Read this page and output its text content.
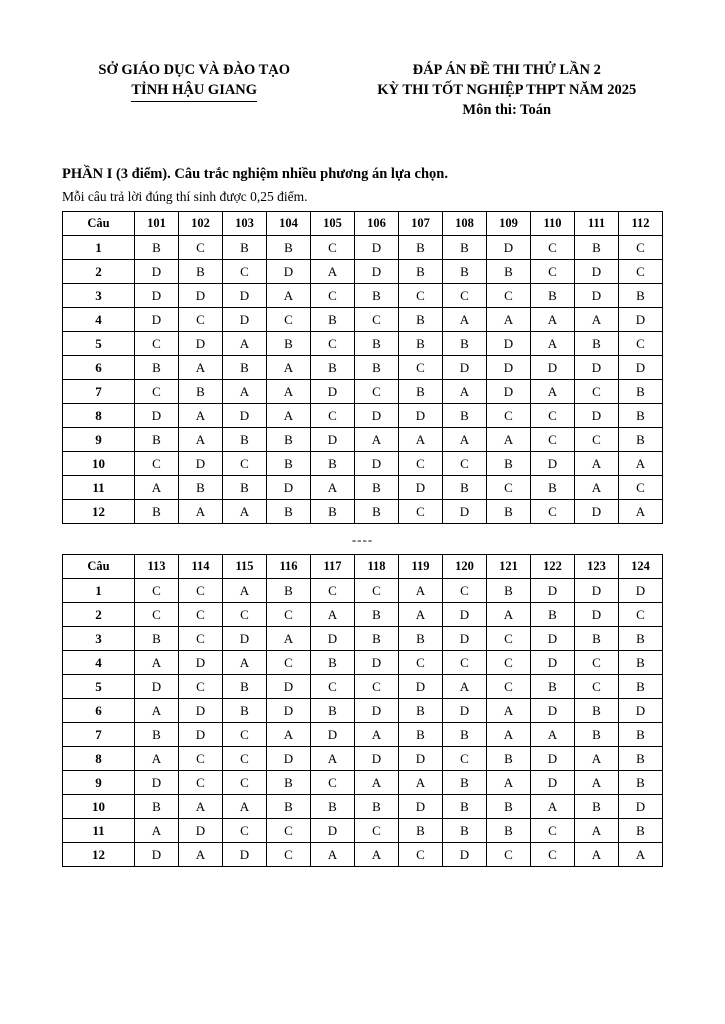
SỞ GIÁO DỤC VÀ ĐÀO TẠO
TỈNH HẬU GIANG
ĐÁP ÁN ĐỀ THI THỬ LẦN 2
KỲ THI TỐT NGHIỆP THPT NĂM 2025
Môn thi: Toán
PHẦN I (3 điểm). Câu trắc nghiệm nhiều phương án lựa chọn.
Mỗi câu trả lời đúng thí sinh được 0,25 điểm.
Câu	101	102	103	104	105	106	107	108	109	110	111	112
1	B	C	B	B	C	D	B	B	D	C	B	C
2	D	B	C	D	A	D	B	B	B	C	D	C
3	D	D	D	A	C	B	C	C	C	B	D	B
4	D	C	D	C	B	C	B	A	A	A	A	D
5	C	D	A	B	C	B	B	B	D	A	B	C
6	B	A	B	A	B	B	C	D	D	D	D	D
7	C	B	A	A	D	C	B	A	D	A	C	B
8	D	A	D	A	C	D	D	B	C	C	D	B
9	B	A	B	B	D	A	A	A	A	C	C	B
10	C	D	C	B	B	D	C	C	B	D	A	A
11	A	B	B	D	A	B	D	B	C	B	A	C
12	B	A	A	B	B	B	C	D	B	C	D	A
----
Câu	113	114	115	116	117	118	119	120	121	122	123	124
1	C	C	A	B	C	C	A	C	B	D	D	D
2	C	C	C	C	A	B	A	D	A	B	D	C
3	B	C	D	A	D	B	B	D	C	D	B	B
4	A	D	A	C	B	D	C	C	C	D	C	B
5	D	C	B	D	C	C	D	A	C	B	C	B
6	A	D	B	D	B	D	B	D	A	D	B	D
7	B	D	C	A	D	A	B	B	A	A	B	B
8	A	C	C	D	A	D	D	C	B	D	A	B
9	D	C	C	B	C	A	A	B	A	D	A	B
10	B	A	A	B	B	B	D	B	B	A	B	D
11	A	D	C	C	D	C	B	B	B	C	A	B
12	D	A	D	C	A	A	C	D	C	C	A	A
